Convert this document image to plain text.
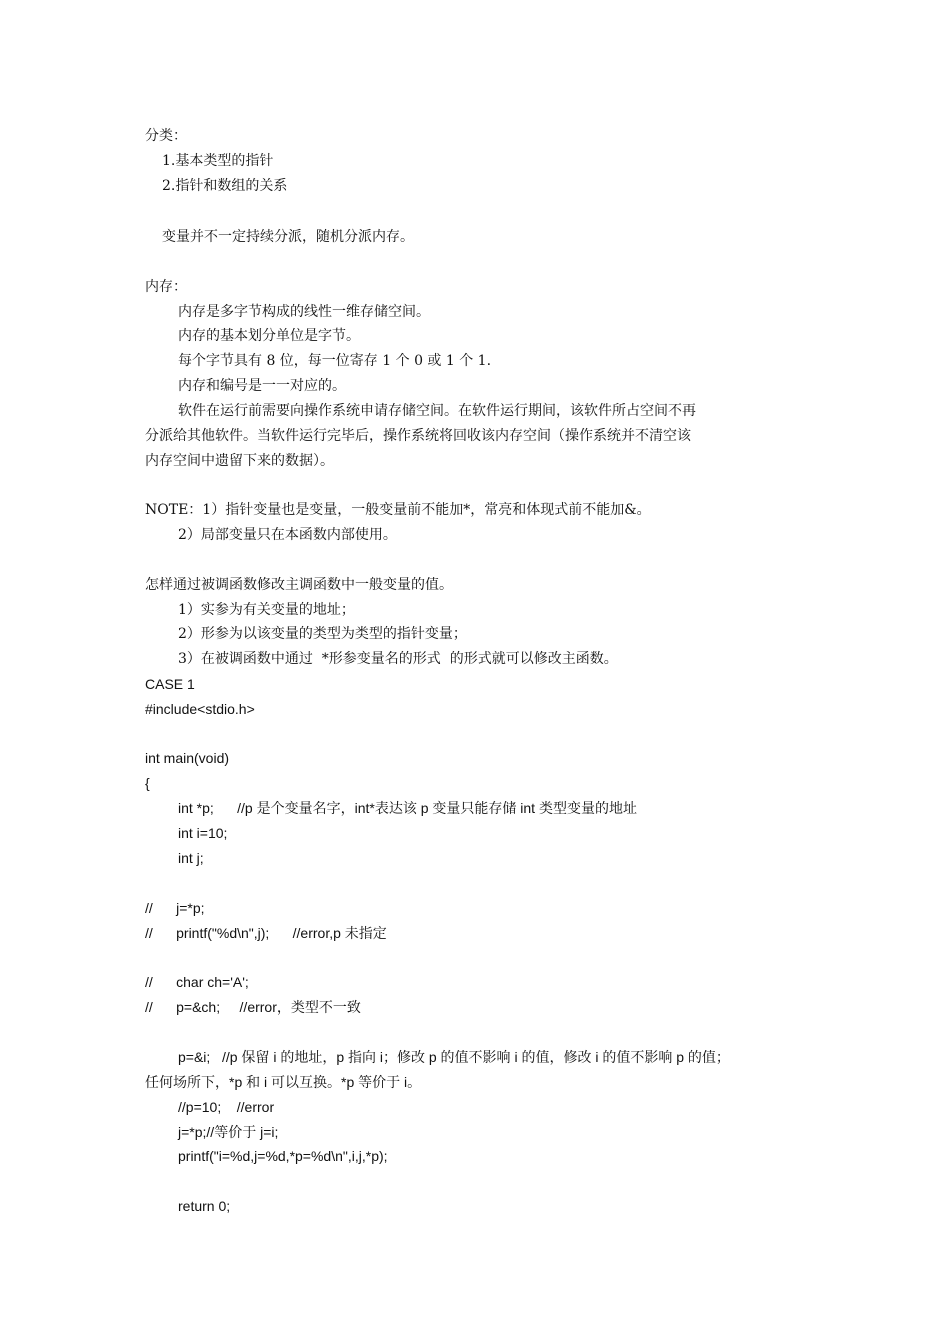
分类：
1.基本类型的指针
2.指针和数组的关系
变量并不一定持续分派，随机分派内存。
内存：
内存是多字节构成的线性一维存储空间。
内存的基本划分单位是字节。
每个字节具有 8 位，每一位寄存 1 个 0 或 1 个 1.
内存和编号是一一对应的。
软件在运行前需要向操作系统申请存储空间。在软件运行期间，该软件所占空间不再
分派给其他软件。当软件运行完毕后，操作系统将回收该内存空间（操作系统并不清空该
内存空间中遗留下来的数据）。
NOTE：1）指针变量也是变量，一般变量前不能加*，常亮和体现式前不能加&。
2）局部变量只在本函数内部使用。
怎样通过被调函数修改主调函数中一般变量的值。
1）实参为有关变量的地址；
2）形参为以该变量的类型为类型的指针变量；
3）在被调函数中通过  *形参变量名的形式  的形式就可以修改主函数。
CASE 1
#include<stdio.h>
int main(void)
{
int *p;      //p 是个变量名字，int*表达该 p 变量只能存储 int 类型变量的地址
int i=10;
int j;
//      j=*p;
//      printf("%d\n",j);      //error,p 未指定
//      char ch='A';
//      p=&ch;     //error，类型不一致
p=&i;   //p 保留 i 的地址，p 指向 i；修改 p 的值不影响 i 的值，修改 i 的值不影响 p 的值；
任何场所下，*p 和 i 可以互换。*p 等价于 i。
//p=10;    //error
j=*p;//等价于 j=i;
printf("i=%d,j=%d,*p=%d\n",i,j,*p);
return 0;
